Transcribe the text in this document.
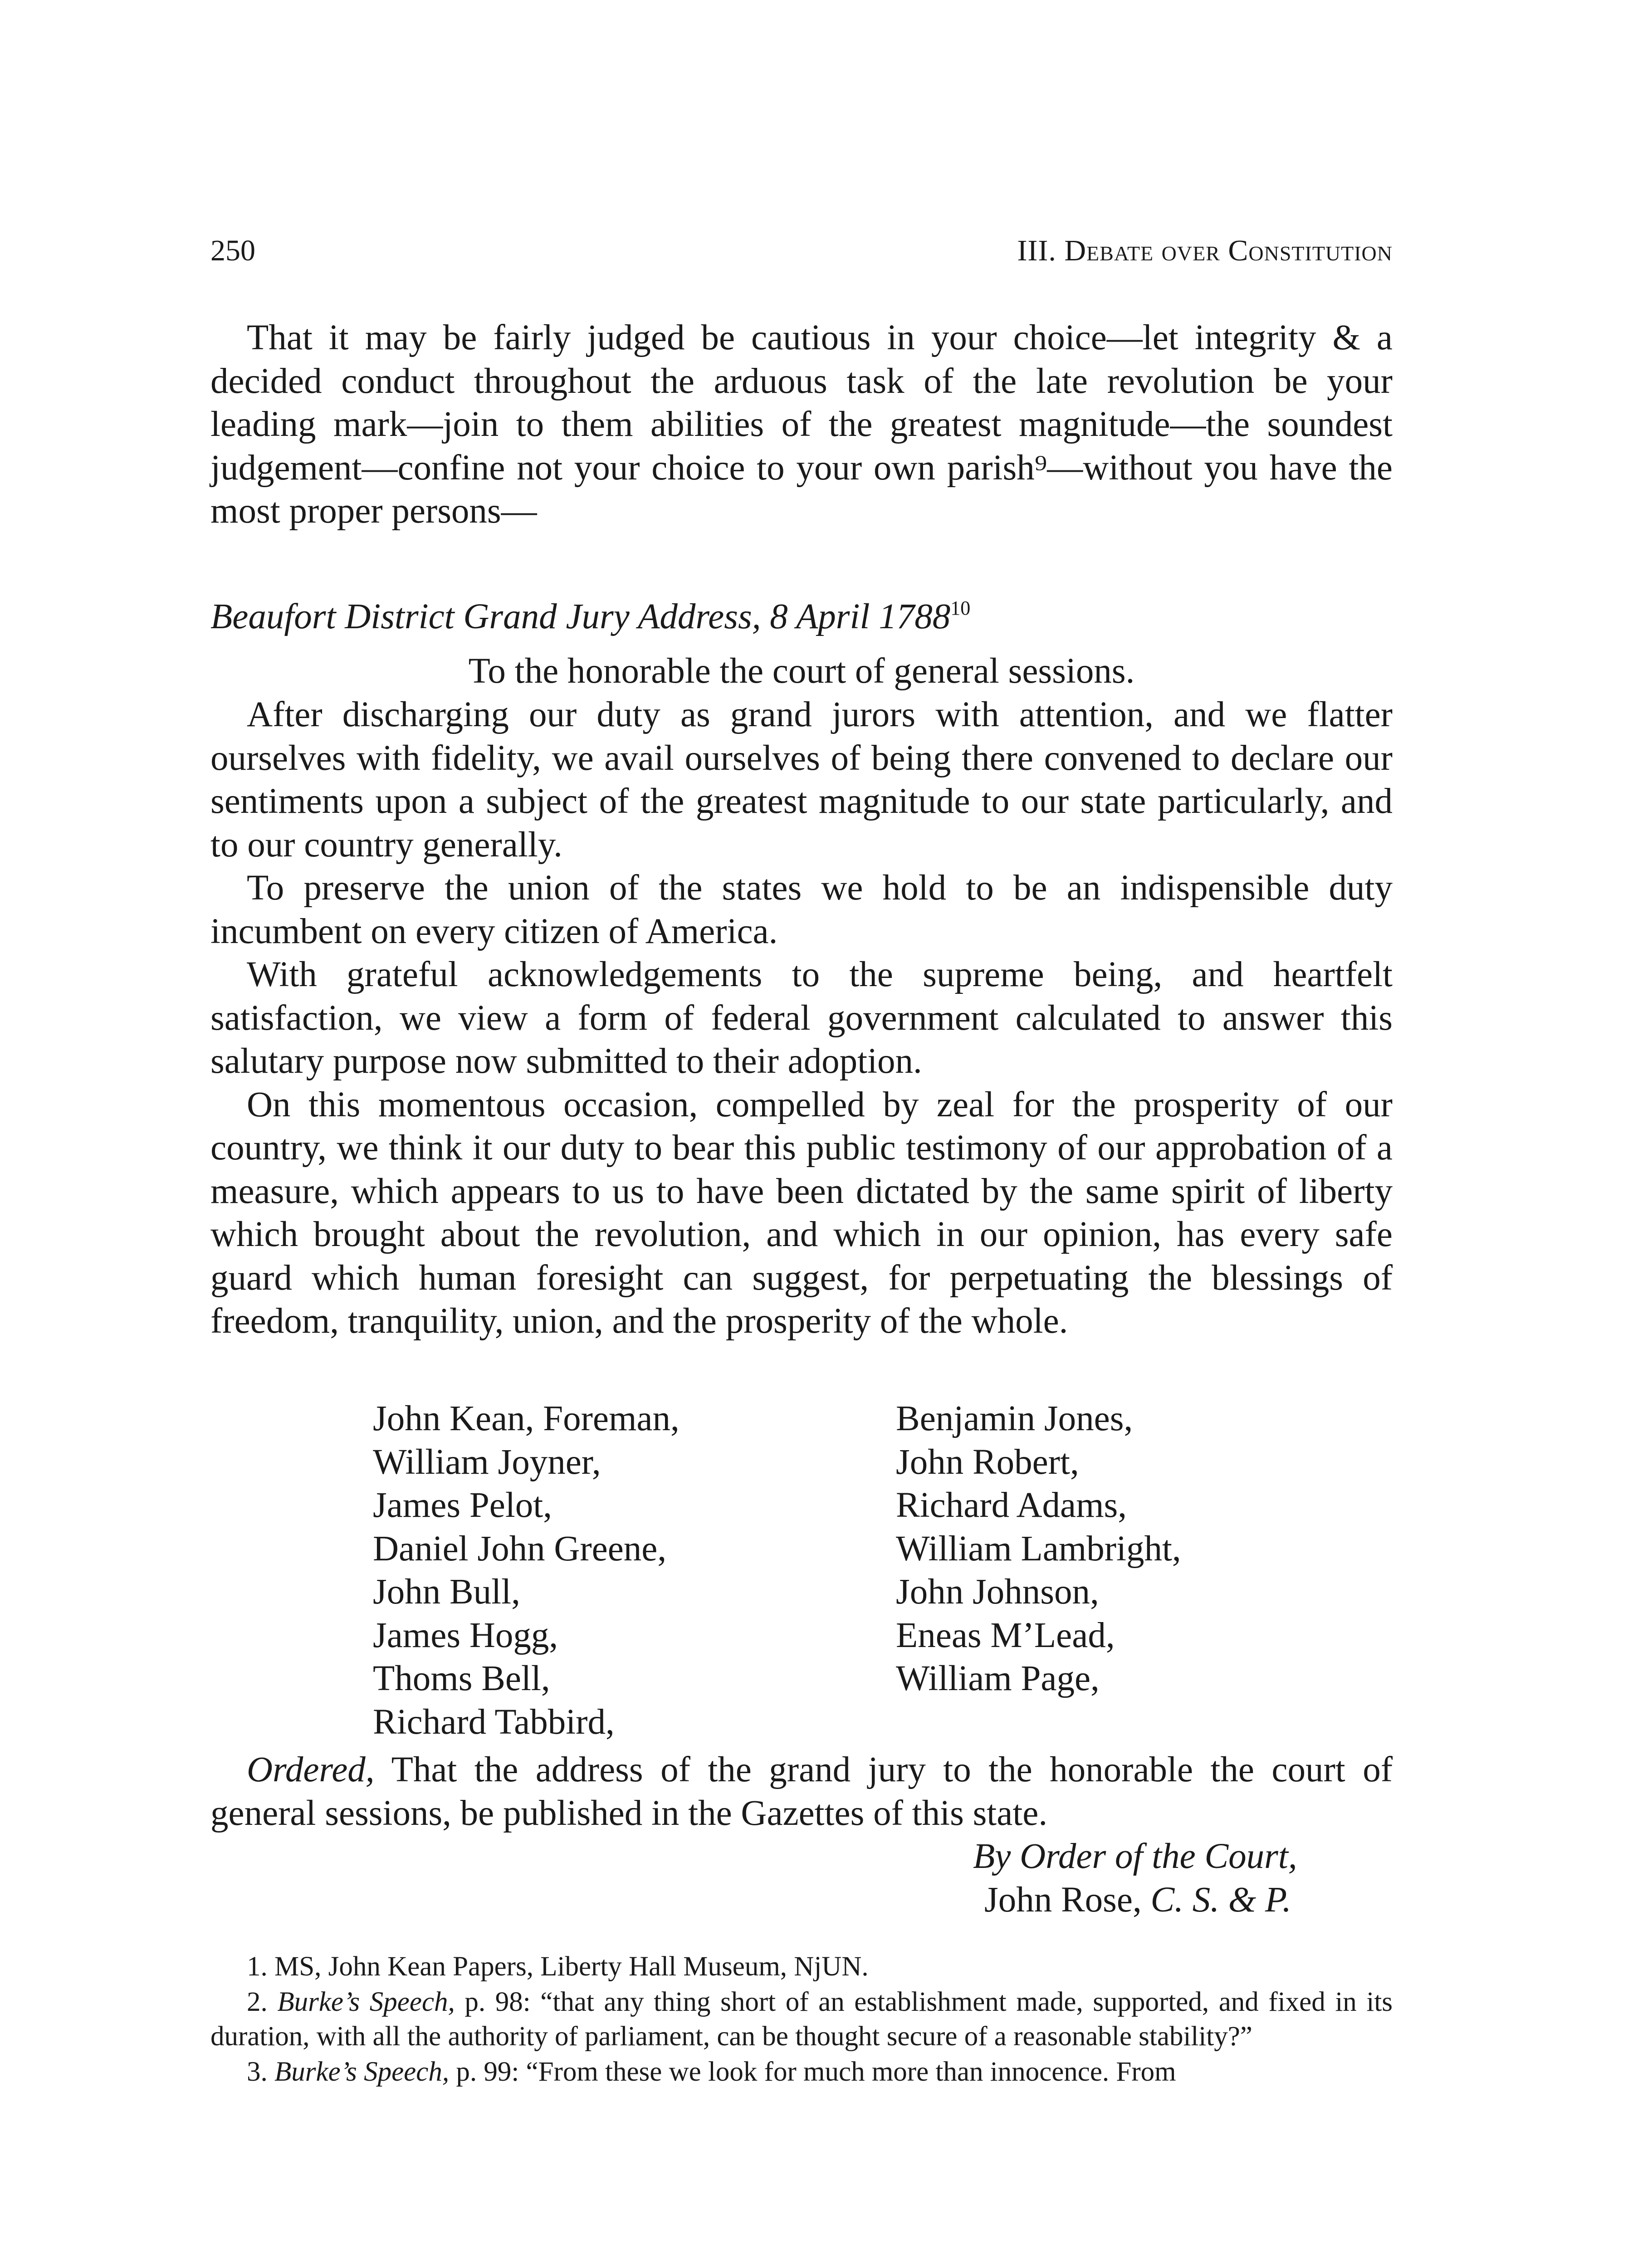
250	III. Debate over Constitution

That it may be fairly judged be cautious in your choice—let integrity & a decided conduct throughout the arduous task of the late revolution be your leading mark—join to them abilities of the greatest magnitude—the soundest judgement—confine not your choice to your own parish⁹—without you have the most proper persons—

Beaufort District Grand Jury Address, 8 April 1788$^{10}$
To the honorable the court of general sessions.

After discharging our duty as grand jurors with attention, and we flatter ourselves with fidelity, we avail ourselves of being there convened to declare our sentiments upon a subject of the greatest magnitude to our state particularly, and to our country generally.

To preserve the union of the states we hold to be an indispensible duty incumbent on every citizen of America.

With grateful acknowledgements to the supreme being, and heartfelt satisfaction, we view a form of federal government calculated to answer this salutary purpose now submitted to their adoption.

On this momentous occasion, compelled by zeal for the prosperity of our country, we think it our duty to bear this public testimony of our approbation of a measure, which appears to us to have been dictated by the same spirit of liberty which brought about the revolution, and which in our opinion, has every safe guard which human foresight can suggest, for perpetuating the blessings of freedom, tranquility, union, and the prosperity of the whole.

John Kean, Foreman,
William Joyner,
James Pelot,
Daniel John Greene,
John Bull,
James Hogg,
Thoms Bell,
Richard Tabbird,
Benjamin Jones,
John Robert,
Richard Adams,
William Lambright,
John Johnson,
Eneas M’Lead,
William Page,

Ordered, That the address of the grand jury to the honorable the court of general sessions, be published in the Gazettes of this state.

By Order of the Court,
John Rose, C. S. & P.

1. MS, John Kean Papers, Liberty Hall Museum, NjUN.

2. Burke’s Speech, p. 98: “that any thing short of an establishment made, supported, and fixed in its duration, with all the authority of parliament, can be thought secure of a reasonable stability?”

3. Burke’s Speech, p. 99: “From these we look for much more than innocence. From
